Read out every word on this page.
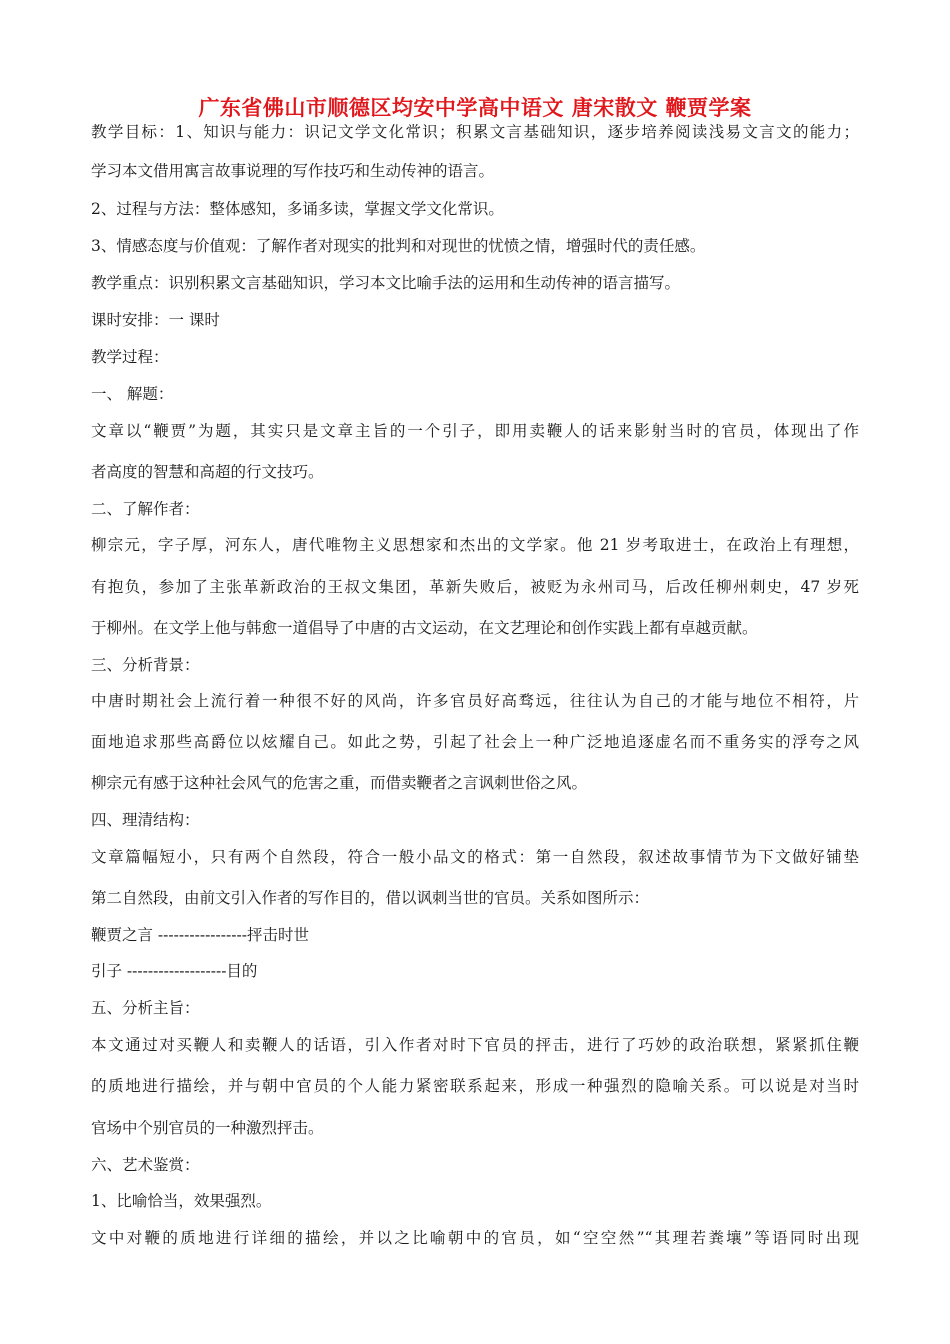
广东省佛山市顺德区均安中学高中语文 唐宋散文 鞭贾学案
教学目标：1、知识与能力：识记文学文化常识；积累文言基础知识，逐步培养阅读浅易文言文的能力；
学习本文借用寓言故事说理的写作技巧和生动传神的语言。
2、过程与方法：整体感知，多诵多读，掌握文学文化常识。
3、情感态度与价值观：了解作者对现实的批判和对现世的忧愤之情，增强时代的责任感。
教学重点：识别积累文言基础知识，学习本文比喻手法的运用和生动传神的语言描写。
课时安排：一 课时
教学过程：
一、 解题：
文章以“鞭贾”为题，其实只是文章主旨的一个引子，即用卖鞭人的话来影射当时的官员，体现出了作
者高度的智慧和高超的行文技巧。
二、了解作者：
柳宗元，字子厚，河东人，唐代唯物主义思想家和杰出的文学家。他 21 岁考取进士，在政治上有理想，
有抱负，参加了主张革新政治的王叔文集团，革新失败后，被贬为永州司马，后改任柳州刺史，47 岁死
于柳州。在文学上他与韩愈一道倡导了中唐的古文运动，在文艺理论和创作实践上都有卓越贡献。
三、分析背景：
中唐时期社会上流行着一种很不好的风尚，许多官员好高骛远，往往认为自己的才能与地位不相符，片
面地追求那些高爵位以炫耀自己。如此之势，引起了社会上一种广泛地追逐虚名而不重务实的浮夸之风
柳宗元有感于这种社会风气的危害之重，而借卖鞭者之言讽刺世俗之风。
四、理清结构：
文章篇幅短小，只有两个自然段，符合一般小品文的格式：第一自然段，叙述故事情节为下文做好铺垫
第二自然段，由前文引入作者的写作目的，借以讽刺当世的官员。关系如图所示：
鞭贾之言 -----------------抨击时世
引子 -------------------目的
五、分析主旨：
本文通过对买鞭人和卖鞭人的话语，引入作者对时下官员的抨击，进行了巧妙的政治联想，紧紧抓住鞭
的质地进行描绘，并与朝中官员的个人能力紧密联系起来，形成一种强烈的隐喻关系。可以说是对当时
官场中个别官员的一种激烈抨击。
六、艺术鉴赏：
1、比喻恰当，效果强烈。
文中对鞭的质地进行详细的描绘，并以之比喻朝中的官员，如“空空然”“其理若粪壤”等语同时出现
